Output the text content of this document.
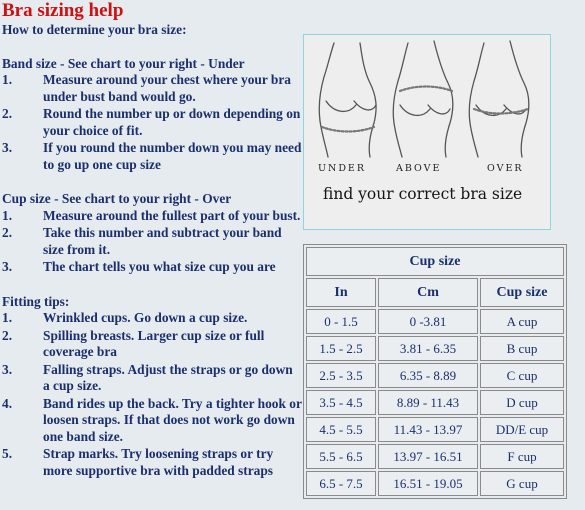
Bra sizing help

How to determine your bra size:

Band size - See chart to your right - Under

1. Measure around your chest where your bra under bust band would go.
2. Round the number up or down depending on your choice of fit.
3. If you round the number down you may need to go up one cup size

Cup size - See chart to your right - Over

1. Measure around the fullest part of your bust.
2. Take this number and subtract your band size from it.
3. The chart tells you what size cup you are

Fitting tips:

1. Wrinkled cups. Go down a cup size.
2. Spilling breasts. Larger cup size or full coverage bra
3. Falling straps. Adjust the straps or go down a cup size.
4. Band rides up the back. Try a tighter hook or loosen straps. If that does not work go down one band size.
5. Strap marks. Try loosening straps or try more supportive bra with padded straps
UNDER	ABOVE	OVER
find your correct bra size
Cup size		
In	Cm	Cup size
0 - 1.5	0 -3.81	A cup
1.5 - 2.5	3.81 - 6.35	B cup
2.5 - 3.5	6.35 - 8.89	C cup
3.5 - 4.5	8.89 - 11.43	D cup
4.5 - 5.5	11.43 - 13.97	DD/E cup
5.5 - 6.5	13.97 - 16.51	F cup
6.5 - 7.5	16.51 - 19.05	G cup
